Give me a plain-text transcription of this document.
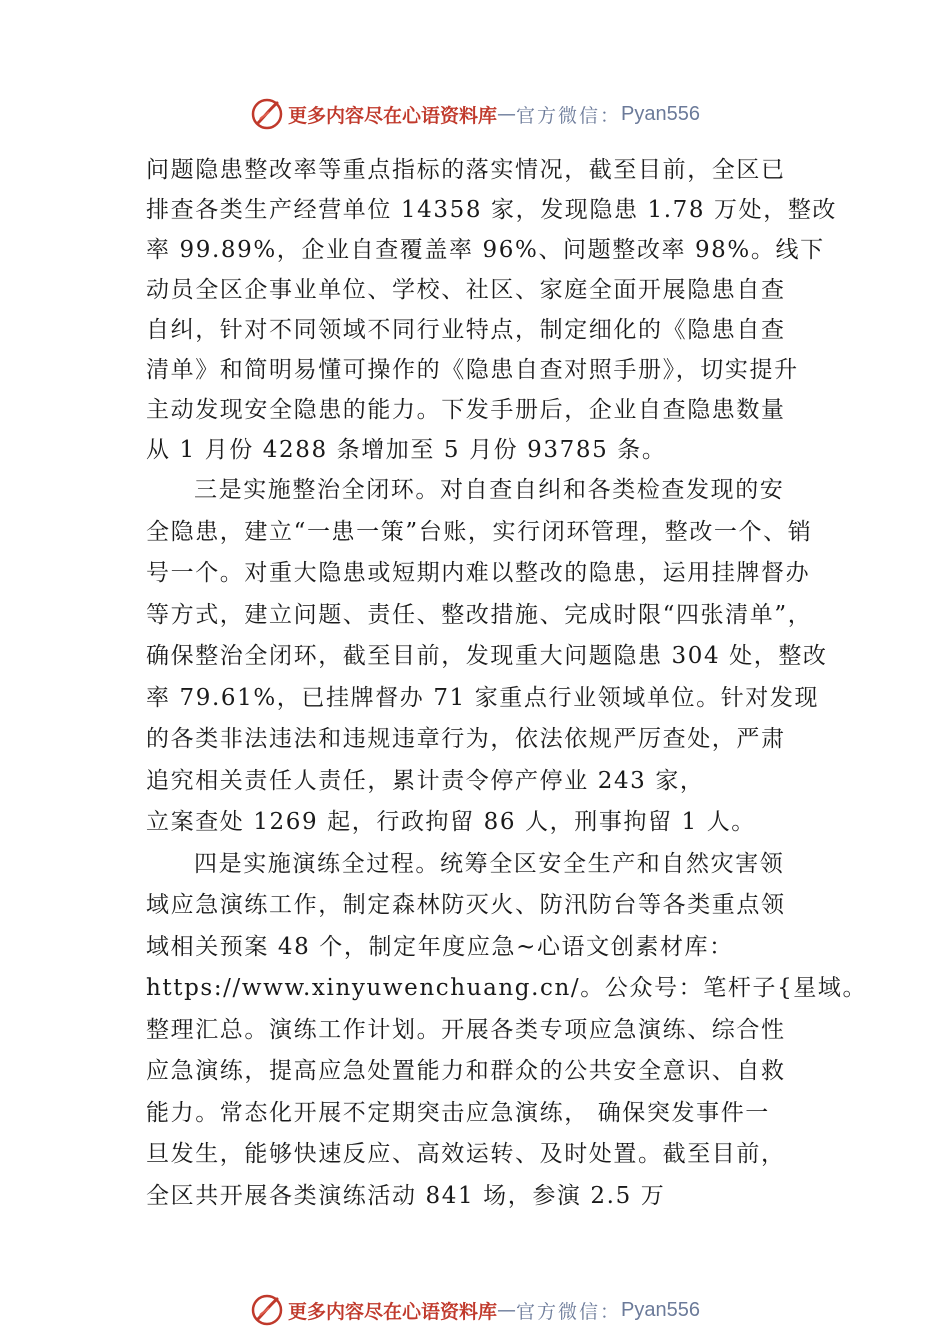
更多内容尽在心语资料库 — 官方微信： Pyan556
问题隐患整改率等重点指标的落实情况，截至目前，全区已
排查各类生产经营单位 14358 家，发现隐患 1.78 万处，整改
率 99.89%，企业自查覆盖率 96%、问题整改率 98%。线下
动员全区企事业单位、学校、社区、家庭全面开展隐患自查
自纠，针对不同领域不同行业特点，制定细化的《隐患自查
清单》和简明易懂可操作的《隐患自查对照手册》，切实提升
主动发现安全隐患的能力。下发手册后，企业自查隐患数量
从 1 月份 4288 条增加至 5 月份 93785 条。
三是实施整治全闭环。对自查自纠和各类检查发现的安
全隐患，建立“一患一策”台账，实行闭环管理，整改一个、销
号一个。对重大隐患或短期内难以整改的隐患，运用挂牌督办
等方式，建立问题、责任、整改措施、完成时限“四张清单”，
确保整治全闭环，截至目前，发现重大问题隐患 304 处，整改
率 79.61%，已挂牌督办 71 家重点行业领域单位。针对发现
的各类非法违法和违规违章行为，依法依规严厉查处，严肃
追究相关责任人责任，累计责令停产停业 243 家，
立案查处 1269 起，行政拘留 86 人，刑事拘留 1 人。
四是实施演练全过程。统筹全区安全生产和自然灾害领
域应急演练工作，制定森林防灭火、防汛防台等各类重点领
域相关预案 48 个，制定年度应急~心语文创素材库：
https://www.xinyuwenchuang.cn/。公众号：笔杆子{星域。
整理汇总。演练工作计划。开展各类专项应急演练、综合性
应急演练，提高应急处置能力和群众的公共安全意识、自救
能力。常态化开展不定期突击应急演练， 确保突发事件一
旦发生，能够快速反应、高效运转、及时处置。截至目前，
全区共开展各类演练活动 841 场，参演 2.5 万
更多内容尽在心语资料库 — 官方微信： Pyan556
